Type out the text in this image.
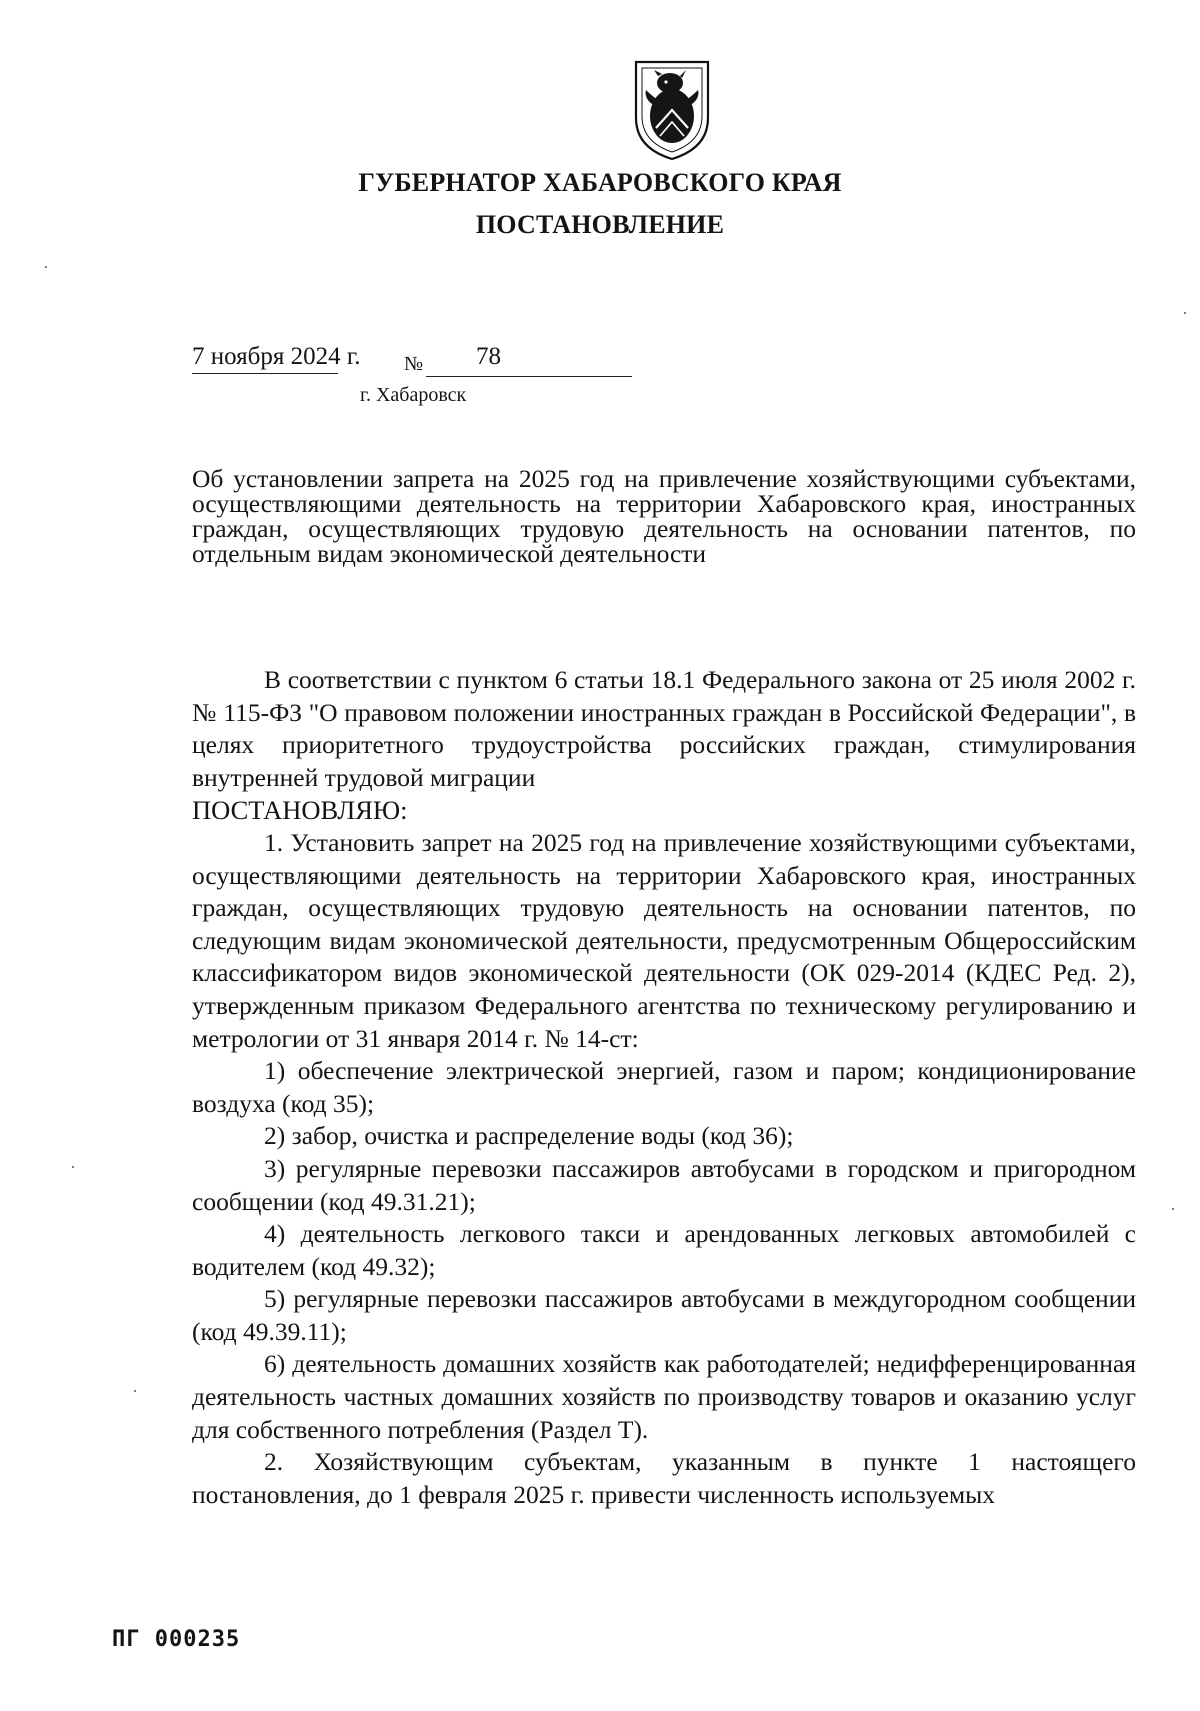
ГУБЕРНАТОР ХАБАРОВСКОГО КРАЯ
ПОСТАНОВЛЕНИЕ
7 ноября 2024 г. № 78
г. Хабаровск
Об установлении запрета на 2025 год на привлечение хозяйствующими субъектами, осуществляющими деятельность на территории Хабаровского края, иностранных граждан, осуществляющих трудовую деятельность на основании патентов, по отдельным видам экономической деятельности

В соответствии с пунктом 6 статьи 18.1 Федерального закона от 25 июля 2002 г. № 115-ФЗ "О правовом положении иностранных граждан в Российской Федерации", в целях приоритетного трудоустройства российских граждан, стимулирования внутренней трудовой миграции

ПОСТАНОВЛЯЮ:

1. Установить запрет на 2025 год на привлечение хозяйствующими субъектами, осуществляющими деятельность на территории Хабаровского края, иностранных граждан, осуществляющих трудовую деятельность на основании патентов, по следующим видам экономической деятельности, предусмотренным Общероссийским классификатором видов экономической деятельности (ОК 029-2014 (КДЕС Ред. 2), утвержденным приказом Федерального агентства по техническому регулированию и метрологии от 31 января 2014 г. № 14-ст:

1) обеспечение электрической энергией, газом и паром; кондиционирование воздуха (код 35);

2) забор, очистка и распределение воды (код 36);

3) регулярные перевозки пассажиров автобусами в городском и пригородном сообщении (код 49.31.21);

4) деятельность легкового такси и арендованных легковых автомобилей с водителем (код 49.32);

5) регулярные перевозки пассажиров автобусами в междугородном сообщении (код 49.39.11);

6) деятельность домашних хозяйств как работодателей; недифференцированная деятельность частных домашних хозяйств по производству товаров и оказанию услуг для собственного потребления (Раздел T).

2. Хозяйствующим субъектам, указанным в пункте 1 настоящего постановления, до 1 февраля 2025 г. привести численность используемых

ПГ 000235
